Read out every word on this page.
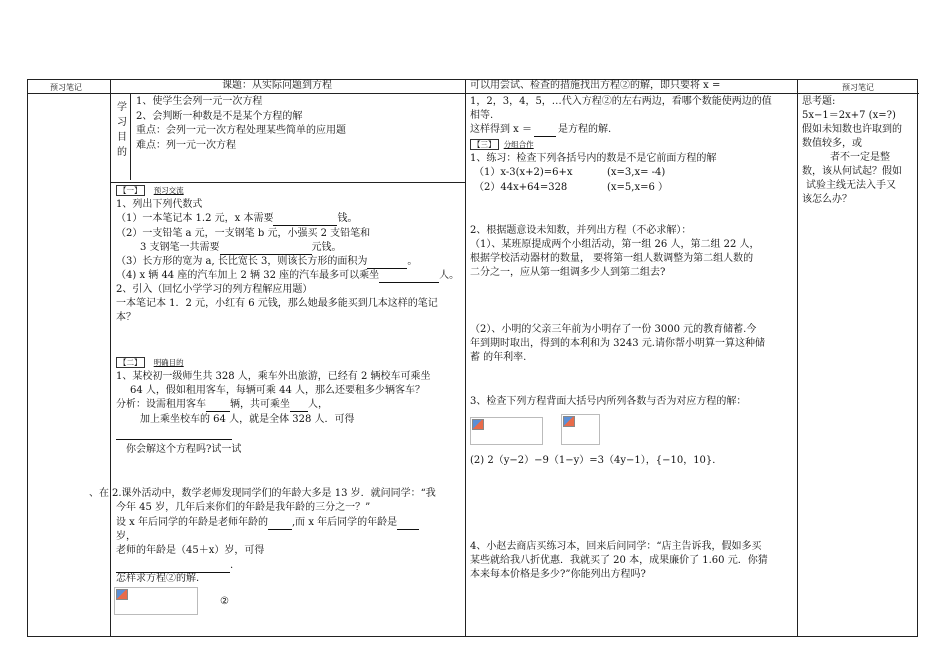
预习笔记	课题：从实际问题到方程	可以用尝试、检查的措施找出方程②的解，即只要将 x =	预习笔记
学习目的
1、使学生会列一元一次方程
2、会判断一种数是不是某个方程的解
重点：会列一元一次方程处理某些简单的应用题
难点：列一元一次方程
【一】 预习交流
1、列出下列代数式
（1）一本笔记本 1.2 元，x 本需要	钱。
（2）一支铅笔 a 元，一支钢笔 b 元，小强买 2 支铅笔和
3 支钢笔一共需要	元钱。
（3）长方形的宽为 a, 长比宽长 3，则该长方形的面积为	。
（4) x 辆 44 座的汽车加上 2 辆 32 座的汽车最多可以乘坐	人。
2、引入（回忆小学学习的列方程解应用题）
一本笔记本 1．2 元，小红有 6 元钱，那么她最多能买到几本这样的笔记
本？
【二】 明确目的
1、某校初一级师生共 328 人，乘车外出旅游，已经有 2 辆校车可乘坐
64 人，假如租用客车，每辆可乘 44 人，那么还要租多少辆客车？
分析：设需租用客车 辆，共可乘坐 人，
加上乘坐校车的 64 人，就是全体 328 人．可得
你会解这个方程吗?试一试
、在 2.课外活动中，数学老师发现同学们的年龄大多是 13 岁．就问同学：“我
今年 45 岁，几年后来你们的年龄是我年龄的三分之一？”
设 x 年后同学的年龄是老师年龄的 ,而 x 年后同学的年龄是
岁，
老师的年龄是（45＋x）岁，可得
.
怎样求方程②的解.
②
1，2，3，4，5，…代入方程②的左右两边，看哪个数能使两边的值
相等.
这样得到 x ＝	是方程的解.
【三】 分组合作
1、练习：检查下列各括号内的数是不是它前面方程的解
（1）x-3(x+2)=6+x	(x=3,x= -4)
（2）44x+64=328	(x=5,x=6 ）
2、根据题意设未知数，并列出方程（不必求解）：
（1）、某班原提成两个小组活动，第一组 26 人，第二组 22 人，
根据学校活动器材的数量， 要将第一组人数调整为第二组人数的
二分之一，应从第一组调多少人到第二组去?
（2）、小明的父亲三年前为小明存了一份 3000 元的教育储蓄.今
年到期时取出，得到的本利和为 3243 元.请你帮小明算一算这种储
蓄 的年利率.
3、检查下列方程背面大括号内所列各数与否为对应方程的解：
(2) 2（y−2）−9（1−y）=3（4y−1），{−10，10}．
4、小赵去商店买练习本，回来后问同学：“店主告诉我，假如多买
某些就给我八折优惠．我就买了 20 本，成果廉价了 1.60 元．你猜
本来每本价格是多少?”你能列出方程吗?
思考题:
5x−1＝2x+7 (x=?)
假如未知数也许取到的
数值较多，或
者不一定是整
数，该从何试起？假如
试验主线无法入手又
该怎么办？
